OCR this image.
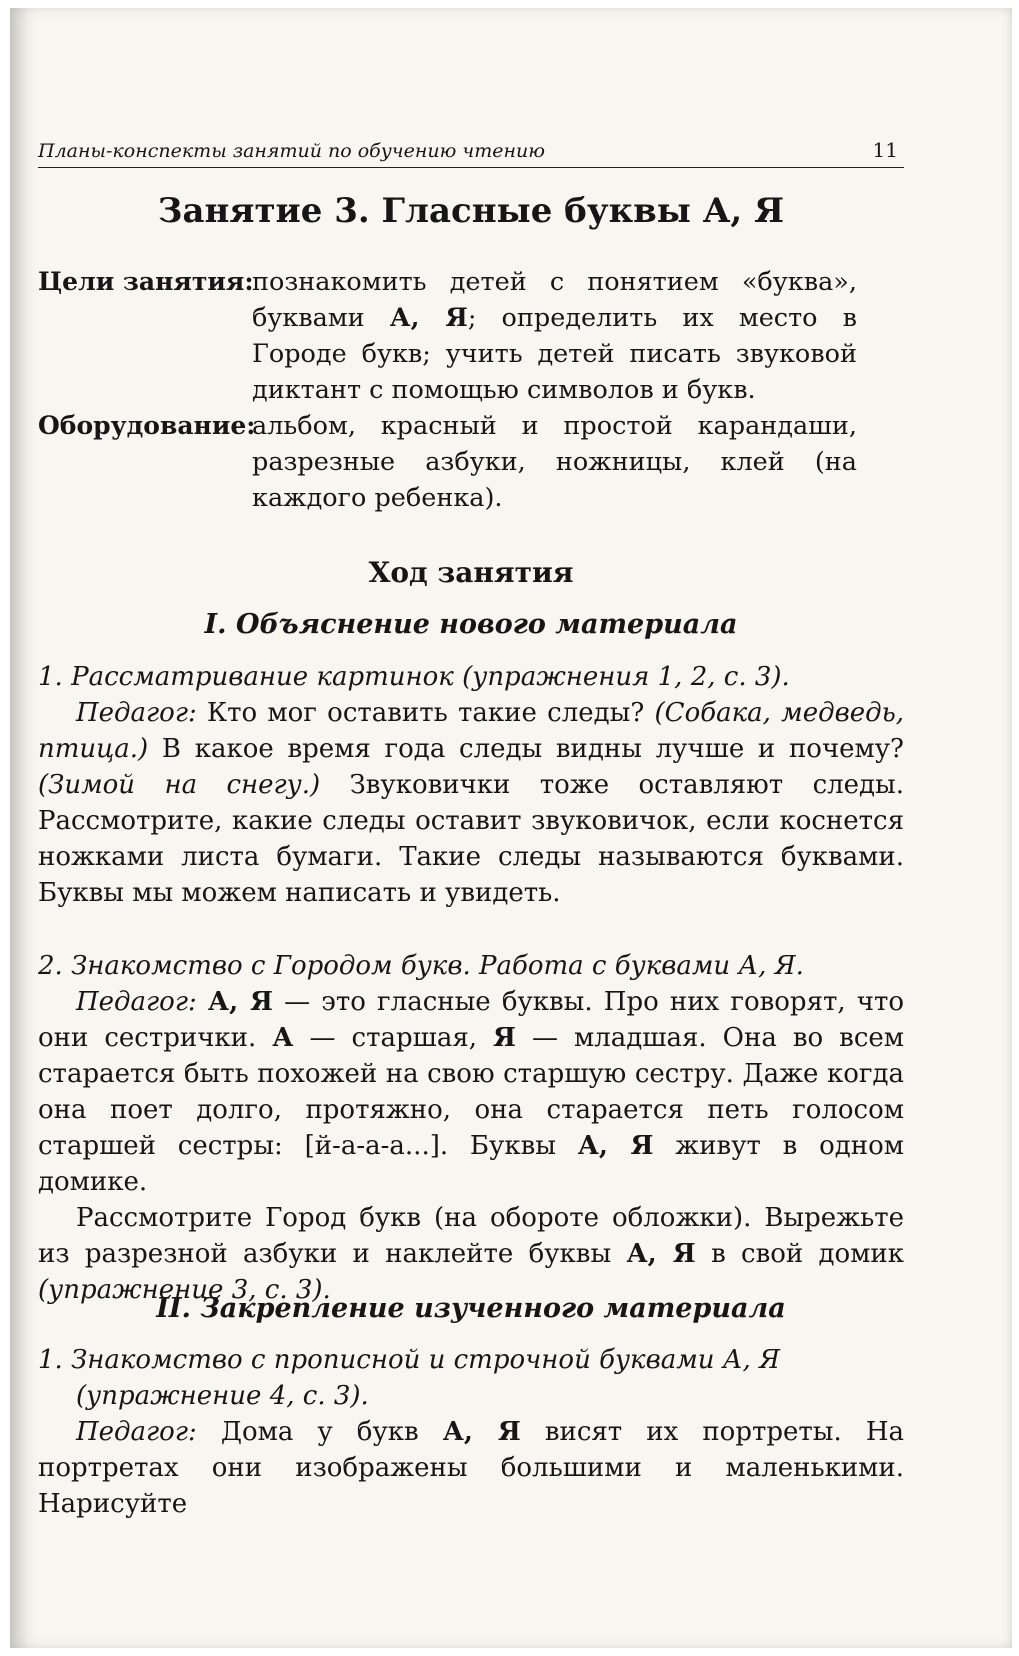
Планы-конспекты занятий по обучению чтению	11
Занятие 3. Гласные буквы А, Я
Цели занятия:
познакомить детей с понятием «буква», буквами А, Я; определить их место в Городе букв; учить детей писать звуковой диктант с помощью символов и букв.
Оборудование:
альбом, красный и простой карандаши, разрезные азбуки, ножницы, клей (на каждого ребенка).
Ход занятия
I. Объяснение нового материала
1. Рассматривание картинок (упражнения 1, 2, с. 3).
Педагог: Кто мог оставить такие следы? (Собака, медведь, птица.) В какое время года следы видны лучше и почему? (Зимой на снегу.) Звуковички тоже оставляют следы. Рассмотрите, какие следы оставит звуковичок, если коснется ножками листа бумаги. Такие следы называются буквами. Буквы мы можем написать и увидеть.
2. Знакомство с Городом букв. Работа с буквами А, Я.
Педагог: А, Я — это гласные буквы. Про них говорят, что они сестрички. А — старшая, Я — младшая. Она во всем старается быть похожей на свою старшую сестру. Даже когда она поет долго, протяжно, она старается петь голосом старшей сестры: [й-а-а-а...]. Буквы А, Я живут в одном домике.
Рассмотрите Город букв (на обороте обложки). Вырежьте из разрезной азбуки и наклейте буквы А, Я в свой домик (упражнение 3, с. 3).
II. Закрепление изученного материала
1. Знакомство с прописной и строчной буквами А, Я
(упражнение 4, с. 3).
Педагог: Дома у букв А, Я висят их портреты. На портретах они изображены большими и маленькими. Нарисуйте
